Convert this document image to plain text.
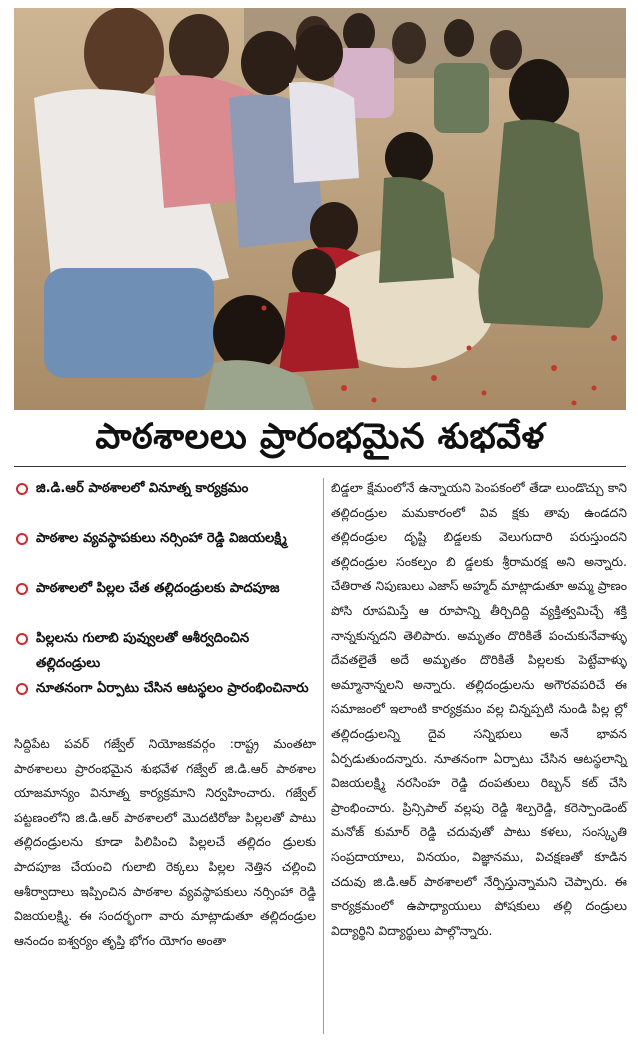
పాఠశాలలు ప్రారంభమైన శుభవేళ
జి.డి.ఆర్ పాఠశాలలో వినూత్న కార్యక్రమం
పాఠశాల వ్యవస్థాపకులు నర్సింహా రెడ్డి విజయలక్ష్మి
పాఠశాలలో పిల్లల చేత తల్లిదండ్రులకు పాదపూజ
పిల్లలను గులాబి పువ్వులతో ఆశీర్వదించిన తల్లిదండ్రులు
నూతనంగా ఏర్పాటు చేసిన ఆటస్థలం ప్రారంభించినారు

సిద్దిపేట పవర్ గజ్వేల్ నియోజకవర్గం :రాష్ట్ర మంతటా పాఠశాలలు ప్రారంభమైన శుభవేళ గజ్వేల్ జి.డి.ఆర్ పాఠశాల యాజమాన్యం వినూత్న కార్యక్రమాని నిర్వహించారు. గజ్వేల్ పట్టణంలోని జి.డి.ఆర్ పాఠశాలలో మొదటిరోజు పిల్లలతో పాటు తల్లిదండ్రులను కూడా పిలిపించి పిల్లలచే తల్లిదం డ్రులకు పాదపూజ చేయంచి గులాబి రెక్కలు పిల్లల నెత్తిన చల్లించి ఆశీర్వాదాలు ఇప్పించిన పాఠశాల వ్యవస్థాపకులు నర్సింహా రెడ్డి విజయలక్ష్మి. ఈ సందర్భంగా వారు మాట్లాడుతూ తల్లిదండ్రుల ఆనందం ఐశ్వర్యం తృప్తి భోగం యోగం అంతా

బిడ్డలా క్షేమంలోనే ఉన్నాయని పెంపకంలో తేడా లుండొచ్చు కాని తల్లిదండ్రుల మమకారంలో వివ క్షకు తావు ఉండదని తల్లిదండ్రుల దృష్టి బిడ్డలకు వెలుగుదారి పరుస్తుందని తల్లిదండ్రుల సంకల్పం బి డ్డలకు శ్రీరామరక్ష అని అన్నారు. చేతిరాత నిపుణులు ఎజాస్ అహ్మద్ మాట్లాడుతూ అమ్మ ప్రాణం పోసి రూపమిస్తే ఆ రూపాన్ని తీర్చిదిద్ది వ్యక్తిత్వమిచ్చే శక్తి నాన్నకున్నదని తెలిపారు. అమృతం దొరికితే పంచుకునేవాళ్ళు దేవతలైతే అదే అమృతం దొరికితే పిల్లలకు పెట్టేవాళ్ళు అమ్మానాన్నలని అన్నారు. తల్లిదండ్రులను అగౌరవపరిచే ఈ సమాజంలో ఇలాంటి కార్యక్రమం వల్ల చిన్నప్పటి నుండి పిల్ల ల్లో తల్లిదండ్రులన్ని దైవ సన్నిభులు అనే భావన ఏర్పడుతుందన్నారు. నూతనంగా ఏర్పాటు చేసిన ఆటస్థలాన్ని విజయలక్ష్మి నరసింహ రెడ్డి దంపతులు రిబ్బన్ కట్ చేసి ప్రాంభించారు. ప్రిన్సిపాల్ వల్లపు రెడ్డి శిల్పరెడ్డి, కరెస్పాండెంట్ మనోజ్ కుమార్ రెడ్డి చదువుతో పాటు కళలు, సంస్కృతి సంప్రదాయాలు, వినయం, విజ్ఞానము, విచక్షణతో కూడిన చదువు జి.డి.ఆర్ పాఠశాలలో నేర్పిస్తున్నామని చెప్పారు. ఈ కార్యక్రమంలో ఉపాధ్యాయులు పోషకులు తల్లి దండ్రులు విద్యార్థిని విద్యార్థులు పాల్గొన్నారు.
